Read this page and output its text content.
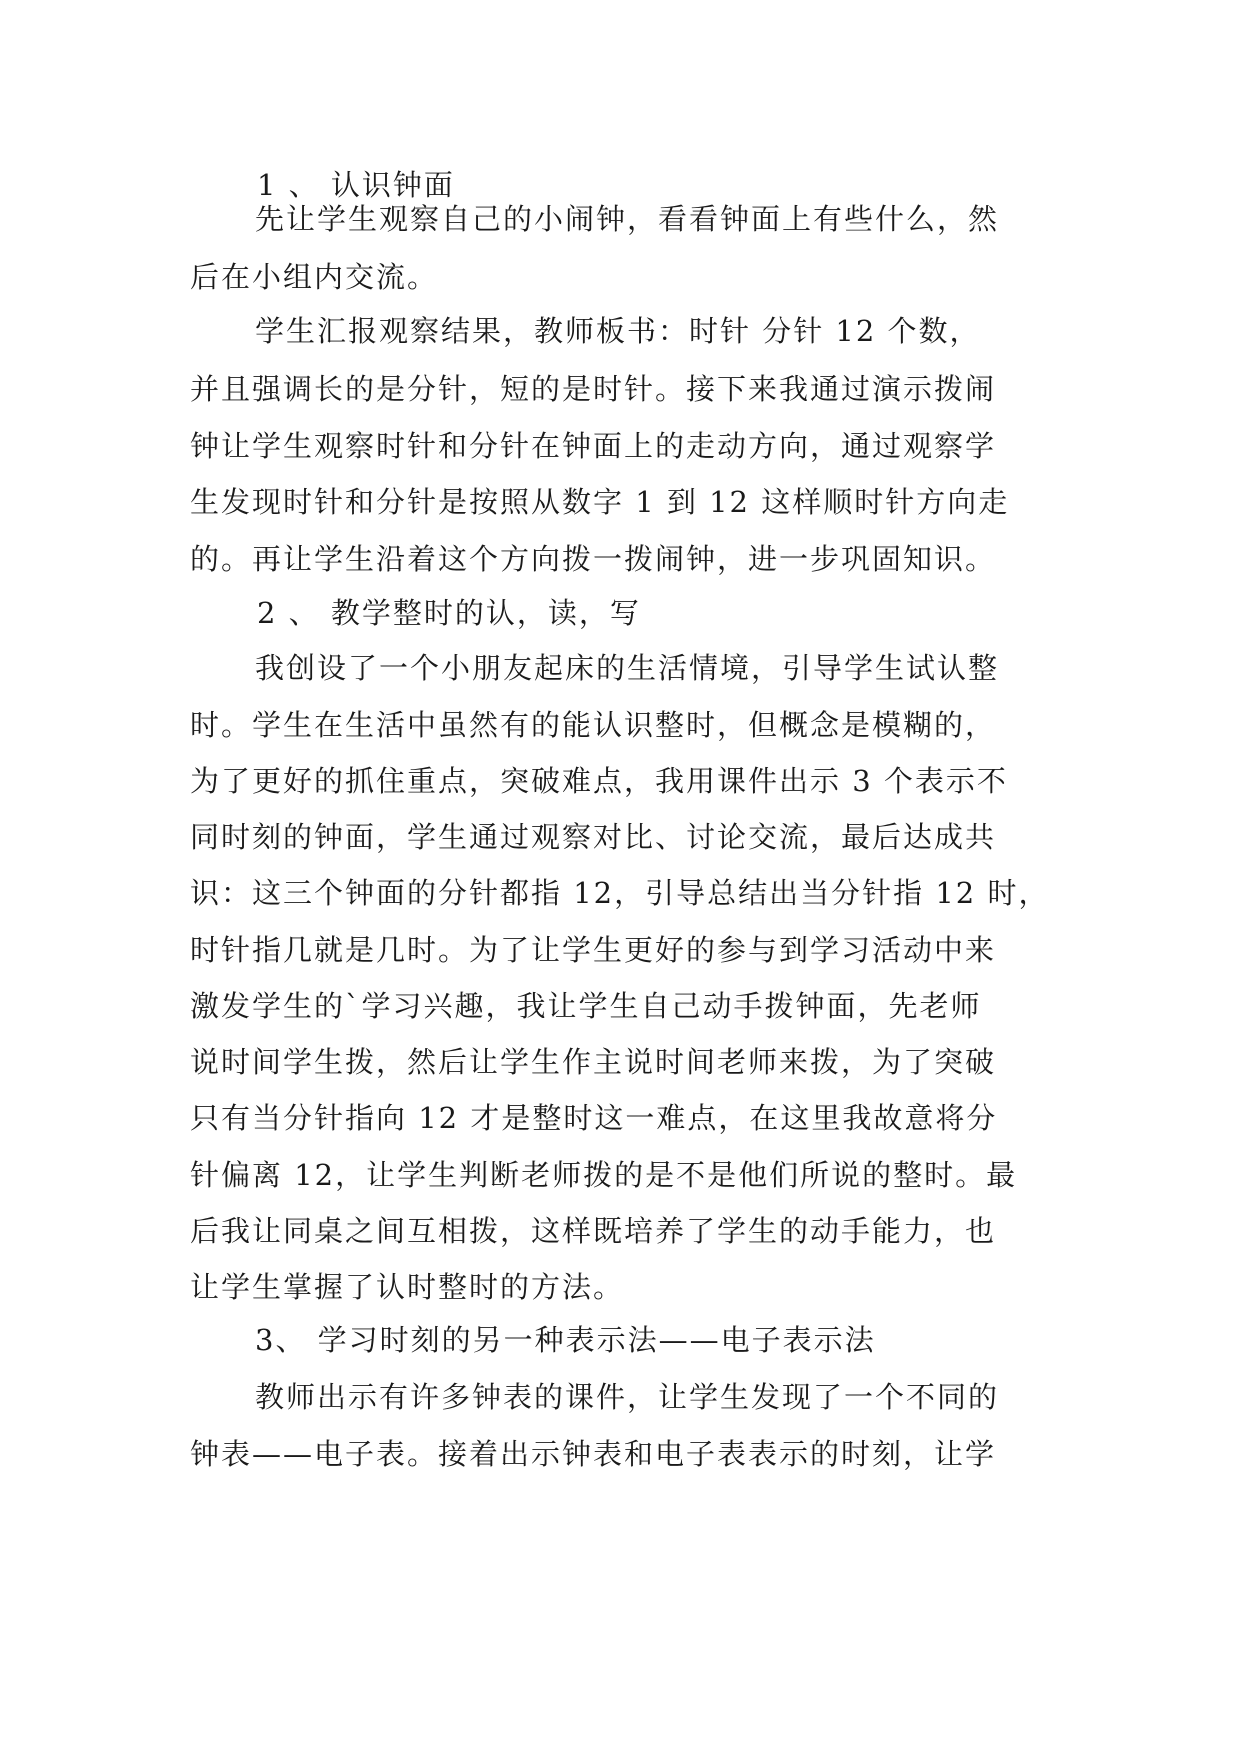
1 、 认识钟面
先让学生观察自己的小闹钟，看看钟面上有些什么，然
后在小组内交流。
学生汇报观察结果，教师板书：时针 分针 12 个数，
并且强调长的是分针，短的是时针。接下来我通过演示拨闹
钟让学生观察时针和分针在钟面上的走动方向，通过观察学
生发现时针和分针是按照从数字 1 到 12 这样顺时针方向走
的。再让学生沿着这个方向拨一拨闹钟，进一步巩固知识。
2 、 教学整时的认，读，写
我创设了一个小朋友起床的生活情境，引导学生试认整
时。学生在生活中虽然有的能认识整时，但概念是模糊的，
为了更好的抓住重点，突破难点，我用课件出示 3 个表示不
同时刻的钟面，学生通过观察对比、讨论交流，最后达成共
识：这三个钟面的分针都指 12，引导总结出当分针指 12 时，
时针指几就是几时。为了让学生更好的参与到学习活动中来
激发学生的`学习兴趣，我让学生自己动手拨钟面，先老师
说时间学生拨，然后让学生作主说时间老师来拨，为了突破
只有当分针指向 12 才是整时这一难点，在这里我故意将分
针偏离 12，让学生判断老师拨的是不是他们所说的整时。最
后我让同桌之间互相拨，这样既培养了学生的动手能力，也
让学生掌握了认时整时的方法。
3、 学习时刻的另一种表示法——电子表示法
教师出示有许多钟表的课件，让学生发现了一个不同的
钟表——电子表。接着出示钟表和电子表表示的时刻，让学
